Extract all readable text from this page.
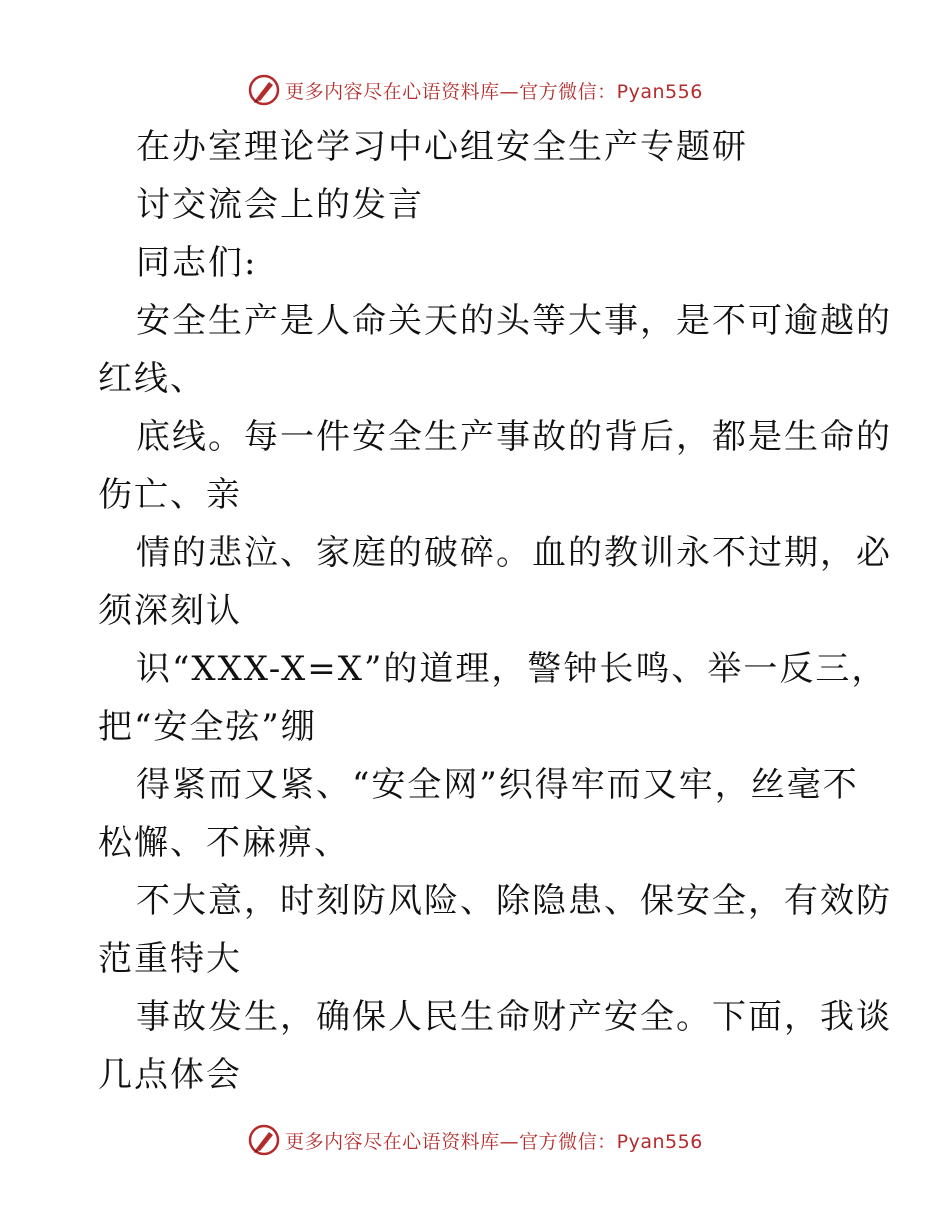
更多内容尽在心语资料库—官方微信：Pyan556
在办室理论学习中心组安全生产专题研
讨交流会上的发言
同志们:
安全生产是人命关天的头等大事，是不可逾越的
红线、
底线。每一件安全生产事故的背后，都是生命的
伤亡、亲
情的悲泣、家庭的破碎。血的教训永不过期，必
须深刻认
识“XXX-X=X”的道理，警钟长鸣、举一反三，
把“安全弦”绷
得紧而又紧、“安全网”织得牢而又牢，丝毫不
松懈、不麻痹、
不大意，时刻防风险、除隐患、保安全，有效防
范重特大
事故发生，确保人民生命财产安全。下面，我谈
几点体会
更多内容尽在心语资料库—官方微信：Pyan556
